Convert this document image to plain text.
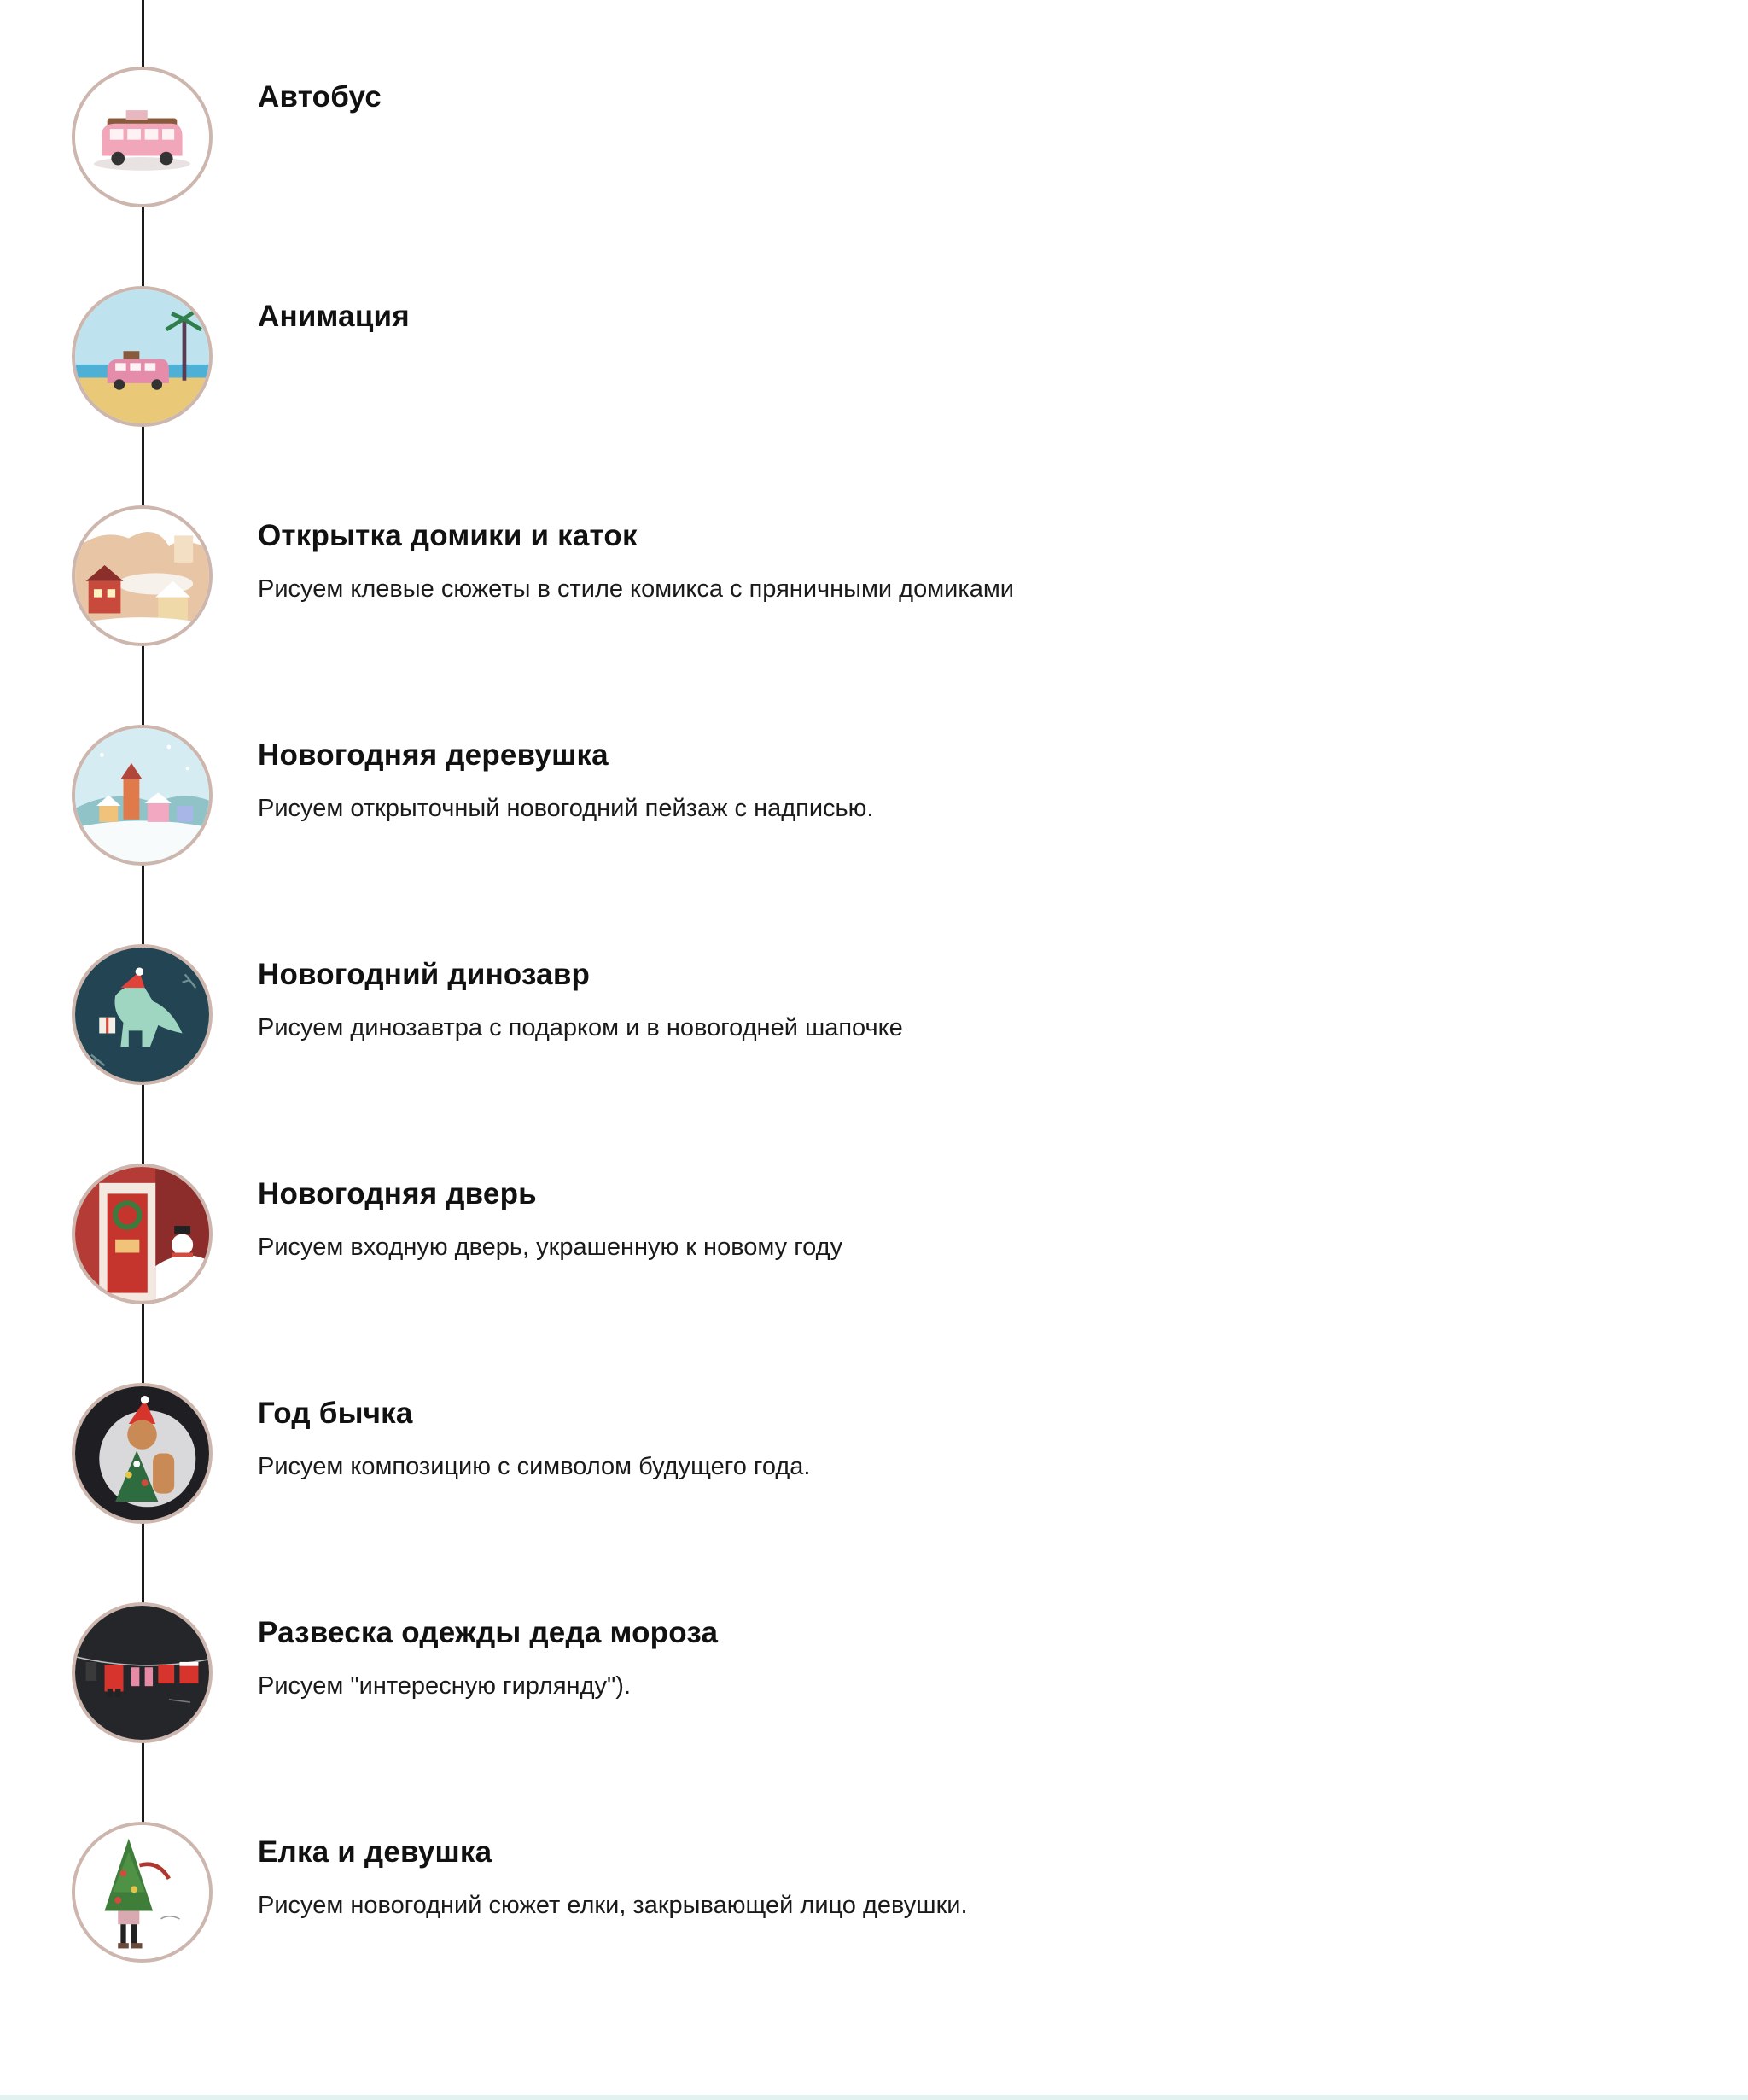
Автобус
Анимация
Открытка домики и каток
Рисуем клевые сюжеты в стиле комикса с пряничными домиками
Новогодняя деревушка
Рисуем открыточный новогодний пейзаж с надписью.
Новогодний динозавр
Рисуем динозавтра с подарком и в новогодней шапочке
Новогодняя дверь
Рисуем входную дверь, украшенную к новому году
Год бычка
Рисуем композицию с символом будущего года.
Развеска одежды деда мороза
Рисуем "интересную гирлянду").
Елка и девушка
Рисуем новогодний сюжет елки, закрывающей лицо девушки.
